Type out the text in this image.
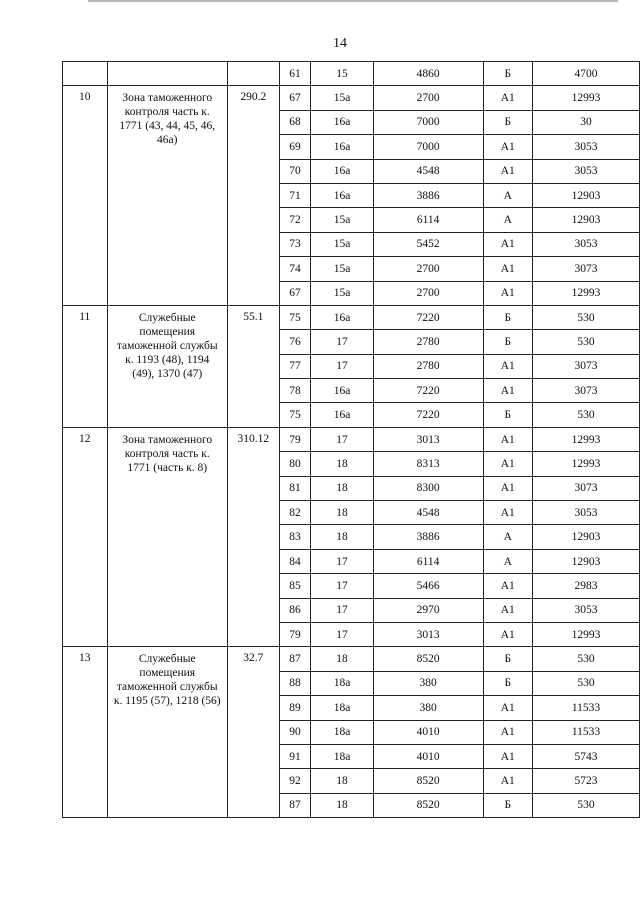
14
			61	15	4860	Б	4700
10	Зона таможенного контроля часть к. 1771 (43, 44, 45, 46, 46а)	290.2	67	15а	2700	А1	12993
			68	16а	7000	Б	30
			69	16а	7000	А1	3053
			70	16а	4548	А1	3053
			71	16а	3886	А	12903
			72	15а	6114	А	12903
			73	15а	5452	А1	3053
			74	15а	2700	А1	3073
			67	15а	2700	А1	12993
11	Служебные помещения таможенной службы к. 1193 (48), 1194 (49), 1370 (47)	55.1	75	16а	7220	Б	530
			76	17	2780	Б	530
			77	17	2780	А1	3073
			78	16а	7220	А1	3073
			75	16а	7220	Б	530
12	Зона таможенного контроля часть к. 1771 (часть к. 8)	310.12	79	17	3013	А1	12993
			80	18	8313	А1	12993
			81	18	8300	А1	3073
			82	18	4548	А1	3053
			83	18	3886	А	12903
			84	17	6114	А	12903
			85	17	5466	А1	2983
			86	17	2970	А1	3053
			79	17	3013	А1	12993
13	Служебные помещения таможенной службы к. 1195 (57), 1218 (56)	32.7	87	18	8520	Б	530
			88	18а	380	Б	530
			89	18а	380	А1	11533
			90	18а	4010	А1	11533
			91	18а	4010	А1	5743
			92	18	8520	А1	5723
			87	18	8520	Б	530
